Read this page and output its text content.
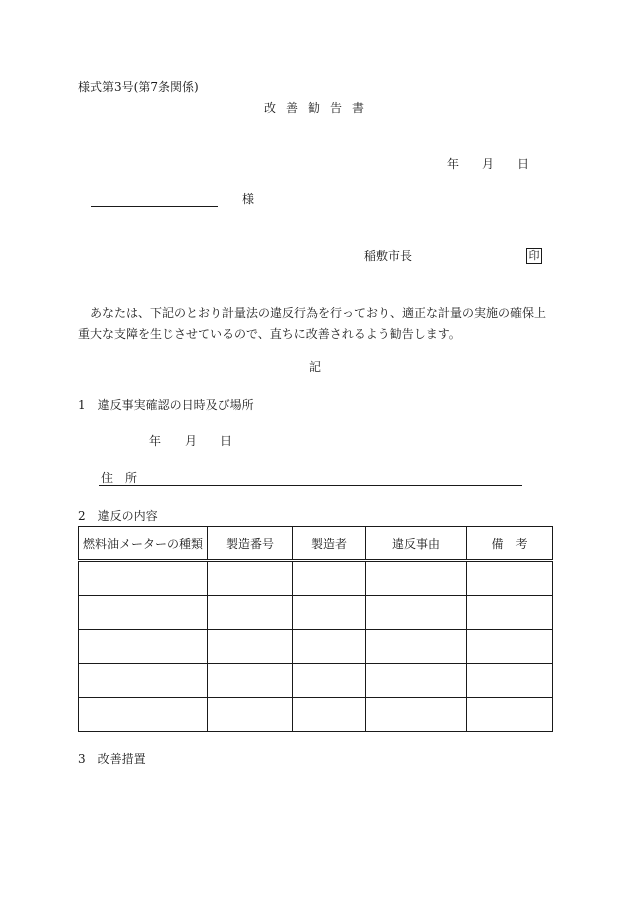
様式第3号(第7条関係)
改善勧告書
年 月 日
様
稲敷市長	印
あなたは、下記のとおり計量法の違反行為を行っており、適正な計量の実施の確保上重大な支障を生じさせているので、直ちに改善されるよう勧告します。
記
1　違反事実確認の日時及び場所
年 月 日
住　所
2　違反の内容
燃料油メーターの種類	製造番号	製造者	違反事由	備　考

3　改善措置
